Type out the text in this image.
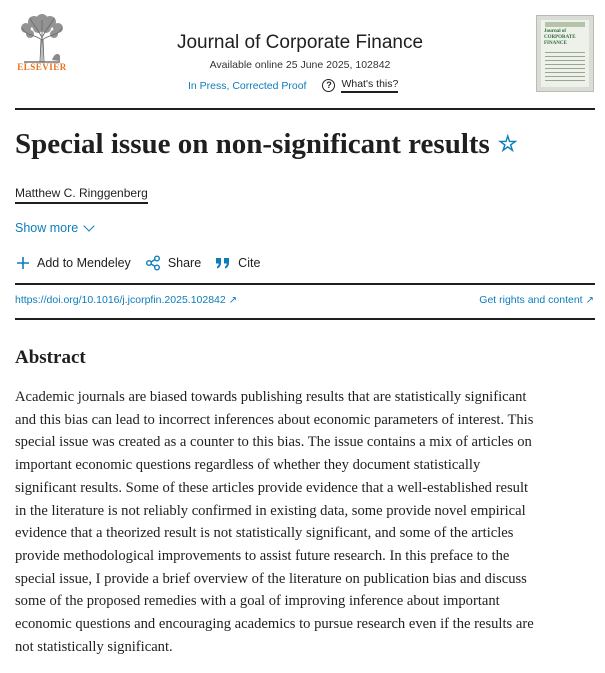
ELSEVIER
Journal of Corporate Finance
Available online 25 June 2025, 102842
In Press, Corrected Proof	? What's this?
Journal of
CORPORATE
FINANCE
Special issue on non-significant results ☆
Matthew C. Ringgenberg
Show more
Add to Mendeley	Share	Cite
https://doi.org/10.1016/j.jcorpfin.2025.102842 ↗	Get rights and content ↗
Abstract
Academic journals are biased towards publishing results that are statistically significant
and this bias can lead to incorrect inferences about economic parameters of interest. This
special issue was created as a counter to this bias. The issue contains a mix of articles on
important economic questions regardless of whether they document statistically
significant results. Some of these articles provide evidence that a well-established result
in the literature is not reliably confirmed in existing data, some provide novel empirical
evidence that a theorized result is not statistically significant, and some of the articles
provide methodological improvements to assist future research. In this preface to the
special issue, I provide a brief overview of the literature on publication bias and discuss
some of the proposed remedies with a goal of improving inference about important
economic questions and encouraging academics to pursue research even if the results are
not statistically significant.
